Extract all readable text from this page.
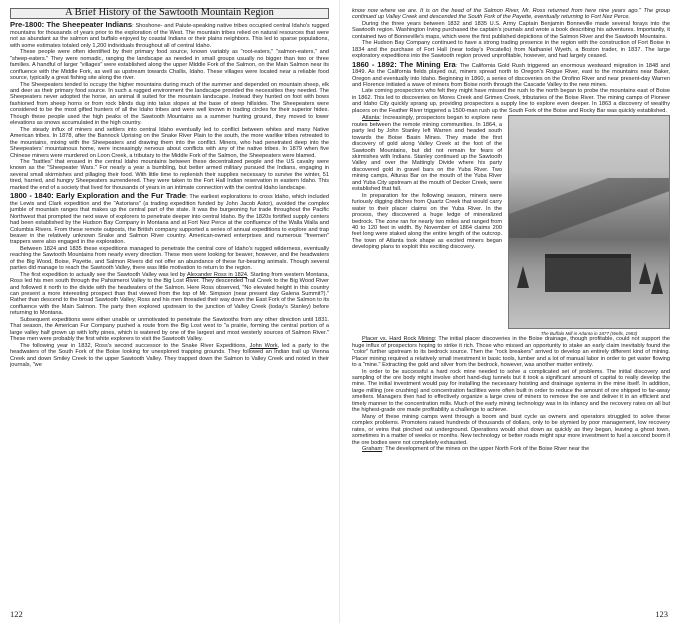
A Brief History of the Sawtooth Mountain Region

Pre-1800: The Sheepeater Indians: Shoshone- and Paiute-speaking native tribes occupied central Idaho's rugged mountains for thousands of years prior to the exploration of the West. The mountain tribes relied on natural resources that were not as abundant as the salmon and buffalo enjoyed by coastal Indians or their plains neighbors. This led to sparse populations, with some estimates totaled only 1,200 individuals throughout all of central Idaho.

These people were often identified by their primary food source, known variably as "root-eaters," "salmon-eaters," and "sheep-eaters." They were nomadic, ranging the landscape as needed in small groups usually no bigger than two or three families. A handful of larger "villages" were established along the upper Middle Fork of the Salmon, on the Main Salmon near its confluence with the Middle Fork, as well as upstream towards Challis, Idaho. These villages were located near a reliable food source, typically a great fishing site along the river.

The Sheepeaters tended to occupy the higher mountains during much of the summer and depended on mountain sheep, elk and deer as their primary food source. In such a rugged environment the landscape provided the necessities they needed. The Sheepeaters never adopted the horse, an animal ill suited for the mountain landscape. Instead they hunted on foot with bows fashioned from sheep horns or from rock blinds dug into talus slopes at the base of steep hillsides. The Sheepeaters were considered to be the most gifted hunters of all the Idaho tribes and were well known in trading circles for their superior hides. Though these people used the high peaks of the Sawtooth Mountains as a summer hunting ground, they moved to lower elevations as snows accumulated in the high country.

The steady influx of miners and settlers into central Idaho eventually led to conflict between whites and many Native American tribes. In 1878, after the Bannock Uprising on the Snake River Plain to the south, the more warlike tribes retreated to the mountains, mixing with the Sheepeaters and drawing them into the conflict. Miners, who had penetrated deep into the Sheepeaters' mountainous home, were increasingly nervous about conflicts with any of the native tribes. In 1879 when five Chinese miners were murdered on Loon Creek, a tributary to the Middle Fork of the Salmon, the Sheepeaters were blamed.

The "battles" that ensued in the central Idaho mountains between these decentralized people and the US cavalry were known as the "Sheepeater Wars." For nearly a year a bumbling, but better armed military pursued the Indians, engaging in several small skirmishes and pillaging their food. With little time to replenish their supplies necessary to survive the winter, 51 tired, harried, and hungry Sheepeaters surrendered. They were taken to the Fort Hall Indian reservation in eastern Idaho. This marked the end of a society that lived for thousands of years in an intimate connection with the central Idaho landscape.

1800 - 1840: Early Exploration and the Fur Trade: The earliest explorations to cross Idaho, which included the Lewis and Clark expedition and the "Astorians" (a trading expedition funded by John Jacob Astor), avoided the complex jumble of mountain ranges that makes up the central part of the state. It was the burgeoning fur trade throughout the Pacific Northwest that prompted the next wave of explorers to penetrate deeper into central Idaho. By the 1820s fortified supply centers had been established by the Hudson Bay Company in Montana and at Fort Nez Perce at the confluence of the Walla Walla and Columbia Rivers. From these remote outposts, the British company supported a series of annual expeditions to explore and trap beaver in the relatively unknown Snake and Salmon River country. American-owned enterprises and numerous "freemen" trappers were also engaged in the exploration.

Between 1824 and 1835 these expeditions managed to penetrate the central core of Idaho's rugged wilderness, eventually reaching the Sawtooth Mountains from nearly every direction. These men were looking for beaver, however, and the headwaters of the Big Wood, Boise, Payette, and Salmon Rivers did not offer an abundance of these fur-bearing animals. Though several parties did manage to reach the Sawtooth Valley, there was little motivation to return to the region.

The first expedition to actually see the Sawtooth Valley was led by Alexander Ross in 1824. Starting from western Montana, Ross led his men south through the Pahsimeroi Valley to the Big Lost River. They descended Trail Creek to the Big Wood River and followed it north to the divide with the headwaters of the Salmon. Here Ross observed, "No elevated height in this country can present a more interesting prospect than that viewed from the top of Mr. Simpson (near present day Galena Summit?)." Rather than descend to the broad Sawtooth Valley, Ross and his men threaded their way down the East Fork of the Salmon to its confluence with the Main Salmon. The party then explored upstream to the junction of Valley Creek (today's Stanley) before returning to Montana.

Subsequent expeditions were either unable or unmotivated to penetrate the Sawtooths from any other direction until 1831. That season, the American Fur Company pushed a route from the Big Lost west to "a prairie, forming the central portion of a large valley half grown up with lofty pines, which is watered by one of the largest and most westerly sources of Salmon River." These men were probably the first white explorers to visit the Sawtooth Valley.

The following year in 1832, Ross's second successor to the Snake River Expeditions, John Work, led a party to the headwaters of the South Fork of the Boise looking for unexplored trapping grounds. They followed an Indian trail up Vienna Creek and down Smiley Creek to the upper Sawtooth Valley. They trapped down the Salmon to Valley Creek and noted in their journals, "we

122

know now where we are. It is on the head of the Salmon River, Mr. Ross returned from here nine years ago." The group continued up Valley Creek and descended the South Fork of the Payette, eventually returning to Fort Nez Perce.

During the three years between 1832 and 1835 U.S. Army Captain Benjamin Bonneville made several forays into the Sawtooth region. Washington Irving purchased the captain's journals and wrote a book describing his adventures. Importantly, it contained two of Bonneville's maps, which were the first published depictions of the Salmon River and the Sawtooth Mountains.

The Hudson Bay Company continued to have a strong trading presence in the region with the construction of Fort Boise in 1834 and the purchase of Fort Hall (near today's Pocatello) from Nathaniel Wyeth, a Boston trader, in 1837. The large exploratory expeditions into the Sawtooth region proved unprofitable, however, and had largely ceased.

1860 - 1892: The Mining Era: The California Gold Rush triggered an enormous westward migration in 1848 and 1849. As the California fields played out, miners spread north to Oregon's Rogue River, east to the mountains near Baker, Oregon and eventually into Idaho. Beginning in 1860, a series of discoveries on the Orofino River and near present-day Warren and Florence initiated a wave of miners from Boise north through the Cascade Valley to the new mines.

Late coming prospectors who felt they might have missed the rush to the north began to probe the mountains east of Boise in 1862. This led to discoveries on Mores Creek and Grimes Creek, tributaries of the Boise River. The mining camps of Pioneer and Idaho City quickly sprang up, providing prospectors a supply line to explore even deeper. In 1863 a discovery of wealthy placers on the Feather River triggered a 1500-man rush up the South Fork of the Boise and Rocky Bar was quickly established.

Atlanta: Increasingly, prospectors began to explore new routes between the remote mining communities. In 1864, a party led by John Stanley left Warren and headed south towards the Boise Basin Mines. They made the first discovery of gold along Valley Creek at the foot of the Sawtooth Mountains, but did not remain for fears of skirmishes with Indians. Stanley continued up the Sawtooth Valley and over the Mattingly Divide where his party discovered gold in gravel bars on the Yuba River. Two mining camps, Alturas Bar on the mouth of the Yuba River and Yuba City upstream at the mouth of Decker Creek, were established that fall.

In preparation for the following season, miners were furiously digging ditches from Quartz Creek that would carry water to their placer claims on the Yuba River. In the process, they discovered a huge ledge of mineralized bedrock. The zone ran for nearly two miles and ranged from 40 to 120 feet in width. By November of 1864 claims 200 feet long were staked along the entire length of the outcrop. The town of Atlanta took shape as excited miners began developing plans to exploit this exciting discovery.

The Buffalo Mill in Atlanta in 1877 (Wells, 1983)

Placer vs. Hard Rock Mining: The initial placer discoveries in the Boise drainage, though profitable, could not support the huge influx of prospectors hoping to strike it rich. Those who missed an opportunity to stake an early claim inevitably found the "color" further upstream to its bedrock source. Then the "rock breakers" arrived to develop an entirely different kind of mining. Placer mining required a relatively small investment in basic tools, lumber and a lot of manual labor in order to get water flowing to a "mine." Extracting the gold and silver from the bedrock, however, was another matter entirely.

In order to be successful a hard rock mine needed to solve a complicated set of problems. The initial discovery and sampling of the ore body might involve short hand-dug tunnels but it took a significant amount of capital to really develop the mine. The initial investment would pay for installing the necessary hoisting and drainage systems in the mine itself. In addition, large milling (ore crushing) and concentration facilities were often built in order to reduce the amount of ore shipped to far-away smelters. Managers then had to effectively organize a large crew of miners to remove the ore and deliver it in an efficient and timely manner to the concentration mills. Much of the early mining technology was in its infancy and the recovery rates on all but the highest-grade ore made profitability a challenge to achieve.

Many of these mining camps went through a boom and bust cycle as owners and operators struggled to solve these complex problems. Promoters raised hundreds of thousands of dollars, only to be stymied by poor management, low recovery rates, or veins that pinched out underground. Operations would shut down as quickly as they began, leaving a ghost town, sometimes in a matter of weeks or months. New technology or better roads might spur more investment to fuel a second boom if the ore bodies were not completely exhausted.

Graham: The development of the mines on the upper North Fork of the Boise River near the

123
